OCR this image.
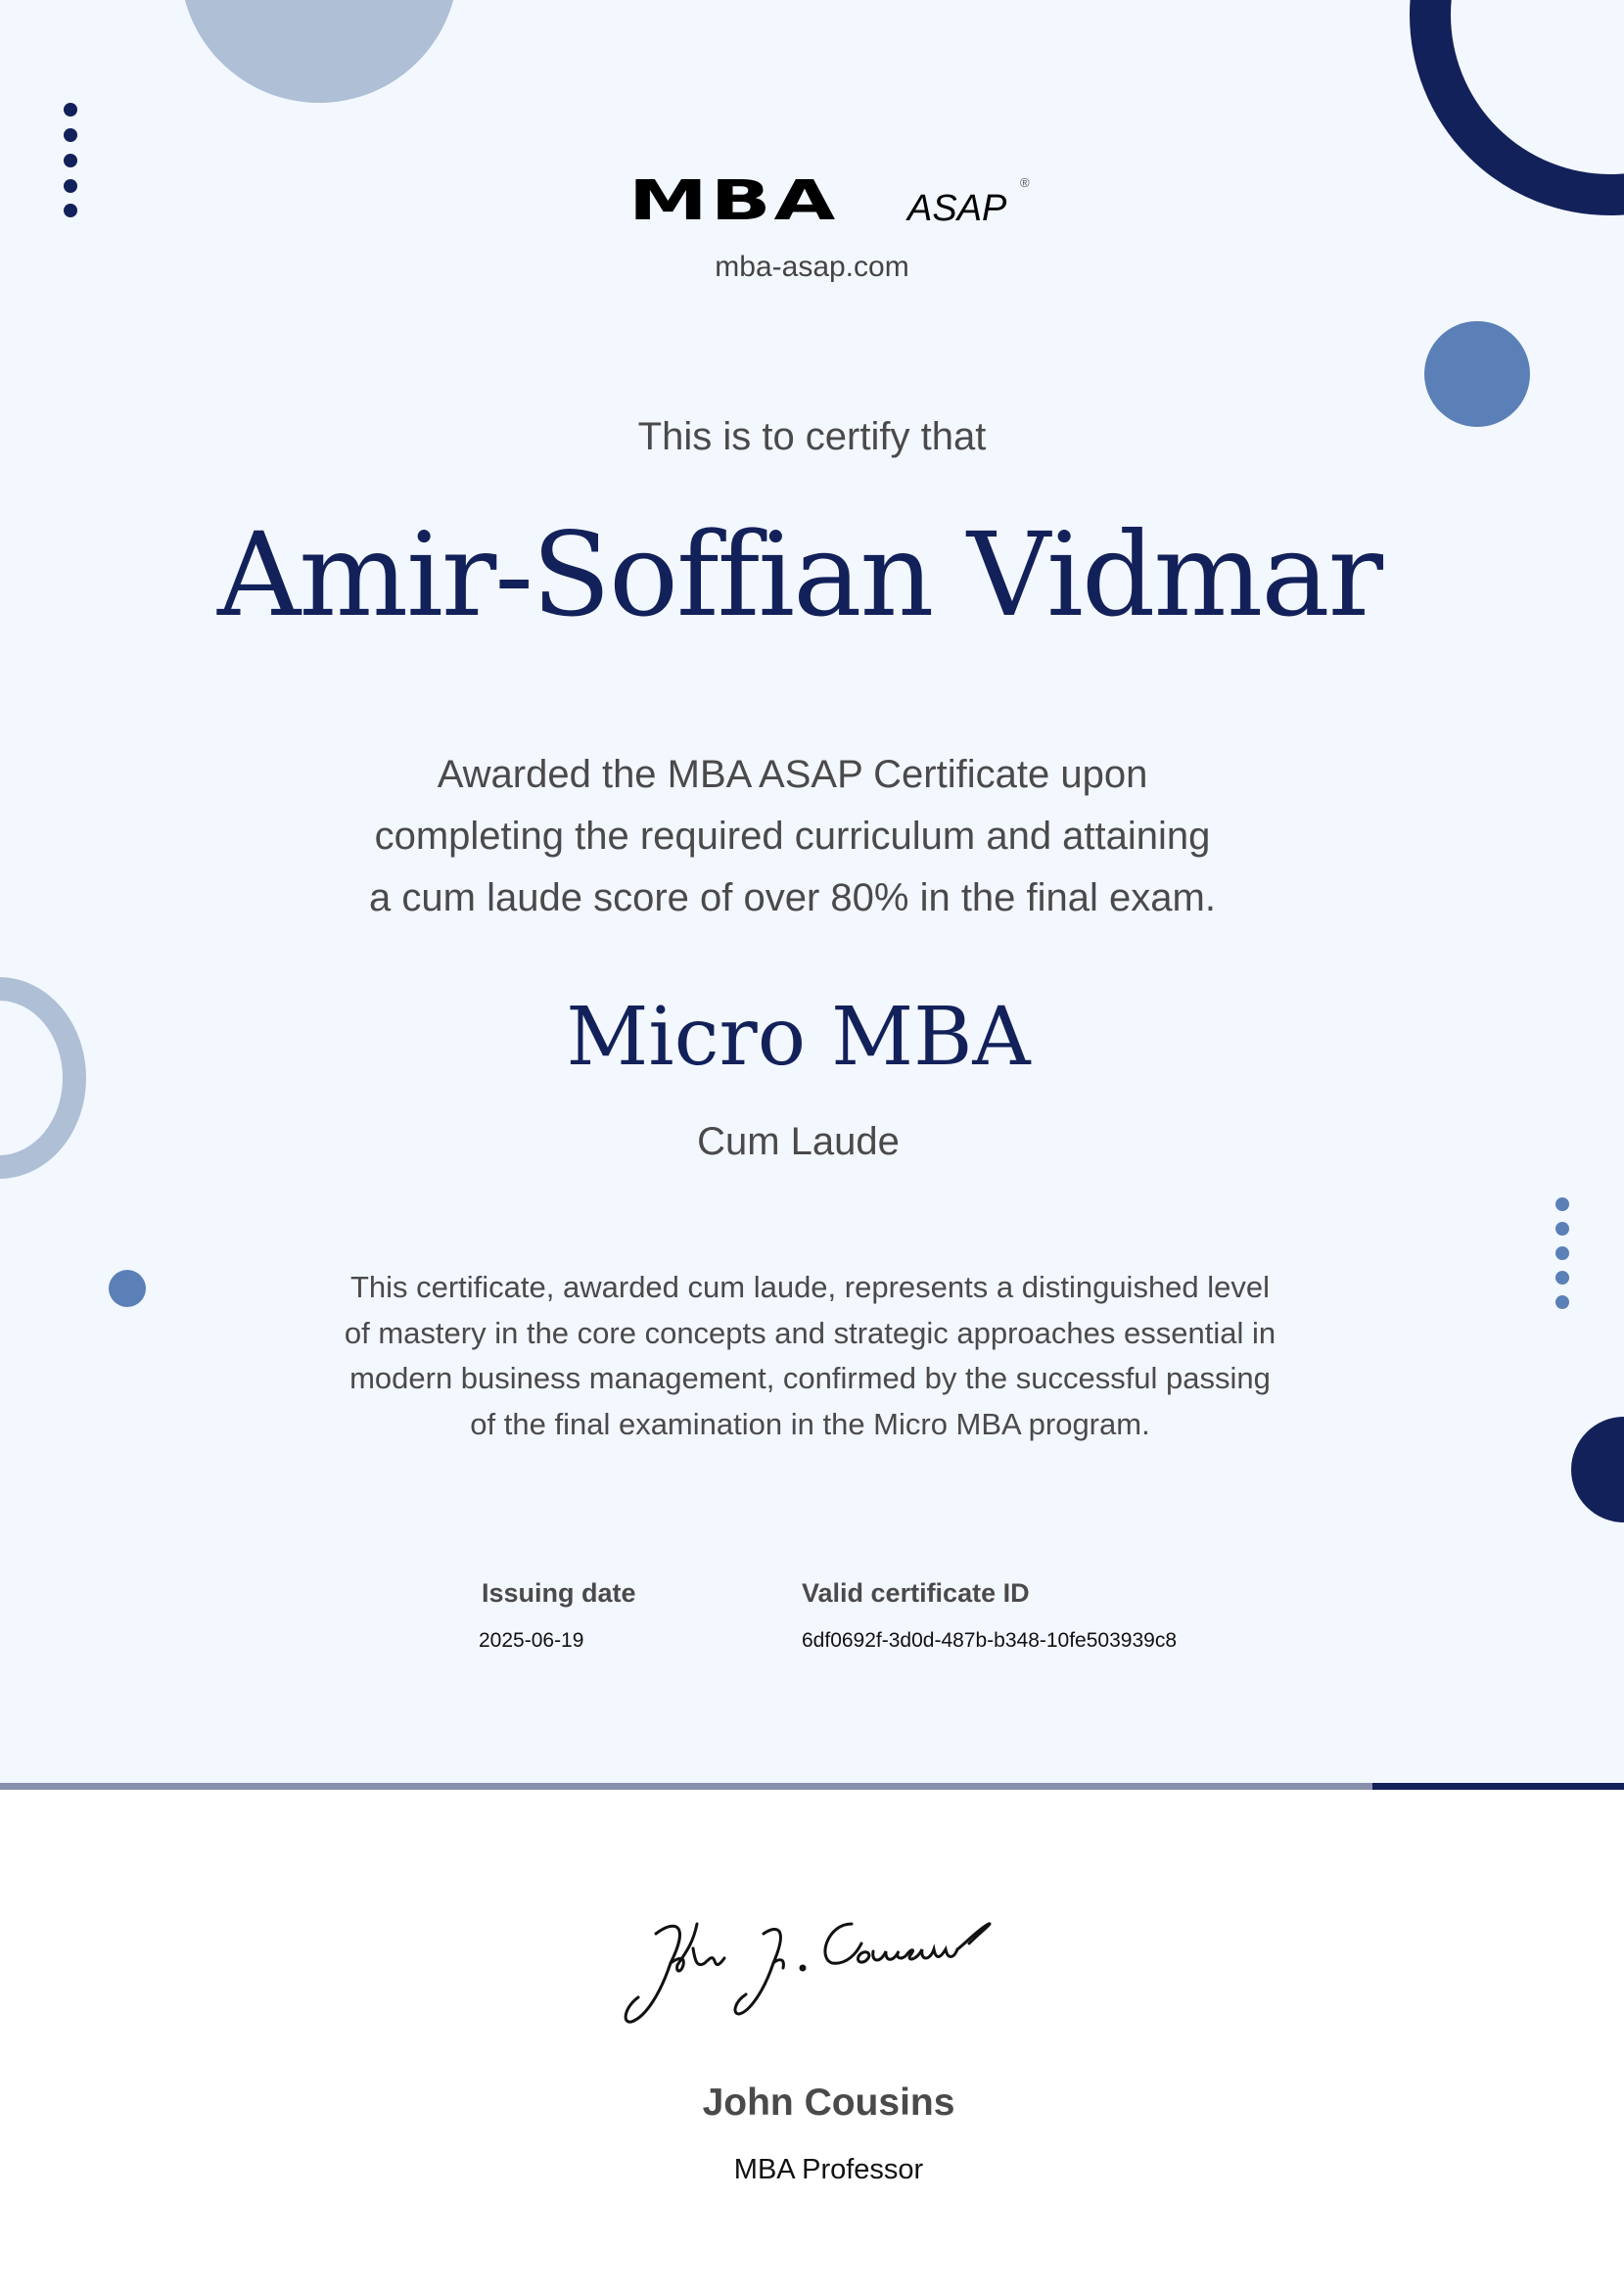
MBA ASAP
®
mba-asap.com
This is to certify that
Amir-Soffian Vidmar
Awarded the MBA ASAP Certificate upon
completing the required curriculum and attaining
a cum laude score of over 80% in the final exam.
Micro MBA
Cum Laude
This certificate, awarded cum laude, represents a distinguished level
of mastery in the core concepts and strategic approaches essential in
modern business management, confirmed by the successful passing
of the final examination in the Micro MBA program.
Issuing date
2025-06-19
Valid certificate ID
6df0692f-3d0d-487b-b348-10fe503939c8
John Cousins
MBA Professor
